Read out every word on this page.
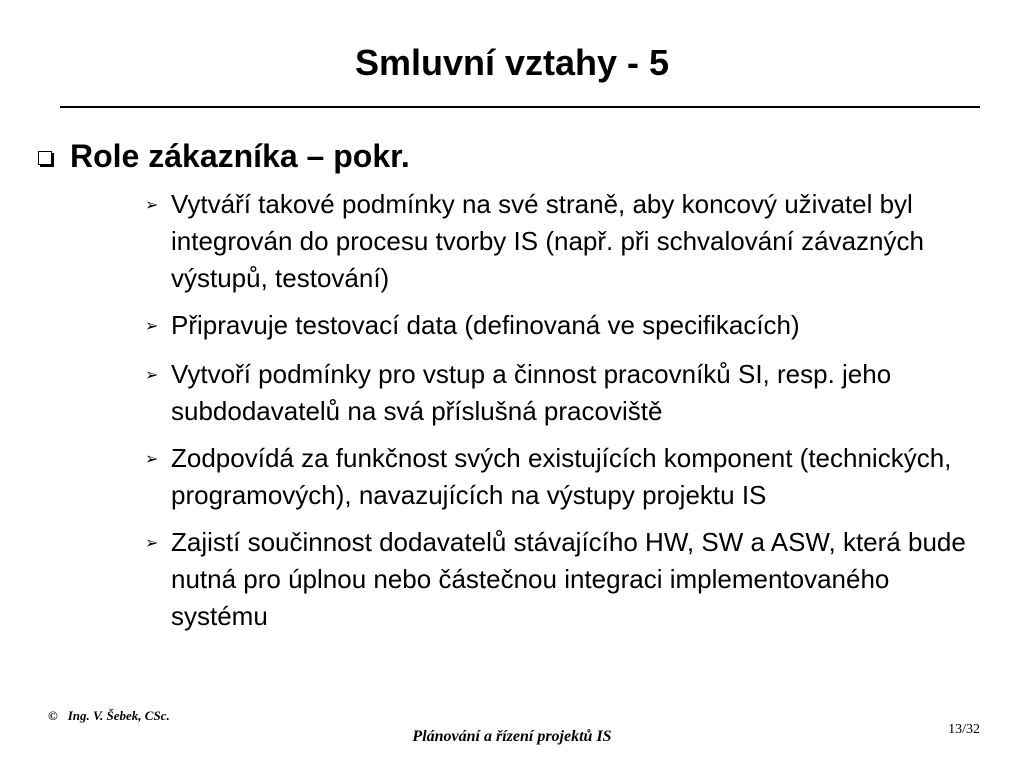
Smluvní vztahy - 5
Role zákazníka – pokr.
➢ Vytváří takové podmínky na své straně, aby koncový uživatel byl integrován do procesu tvorby IS (např. při schvalování závazných výstupů, testování)
➢ Připravuje testovací data (definovaná ve specifikacích)
➢ Vytvoří podmínky pro vstup a činnost pracovníků SI, resp. jeho subdodavatelů na svá příslušná pracoviště
➢ Zodpovídá za funkčnost svých existujících komponent (technických, programových), navazujících na výstupy projektu IS
➢ Zajistí součinnost dodavatelů stávajícího HW, SW a ASW, která bude nutná pro úplnou nebo částečnou integraci implementovaného systému
© Ing. V. Šebek, CSc.
Plánování a řízení projektů IS	13/32
